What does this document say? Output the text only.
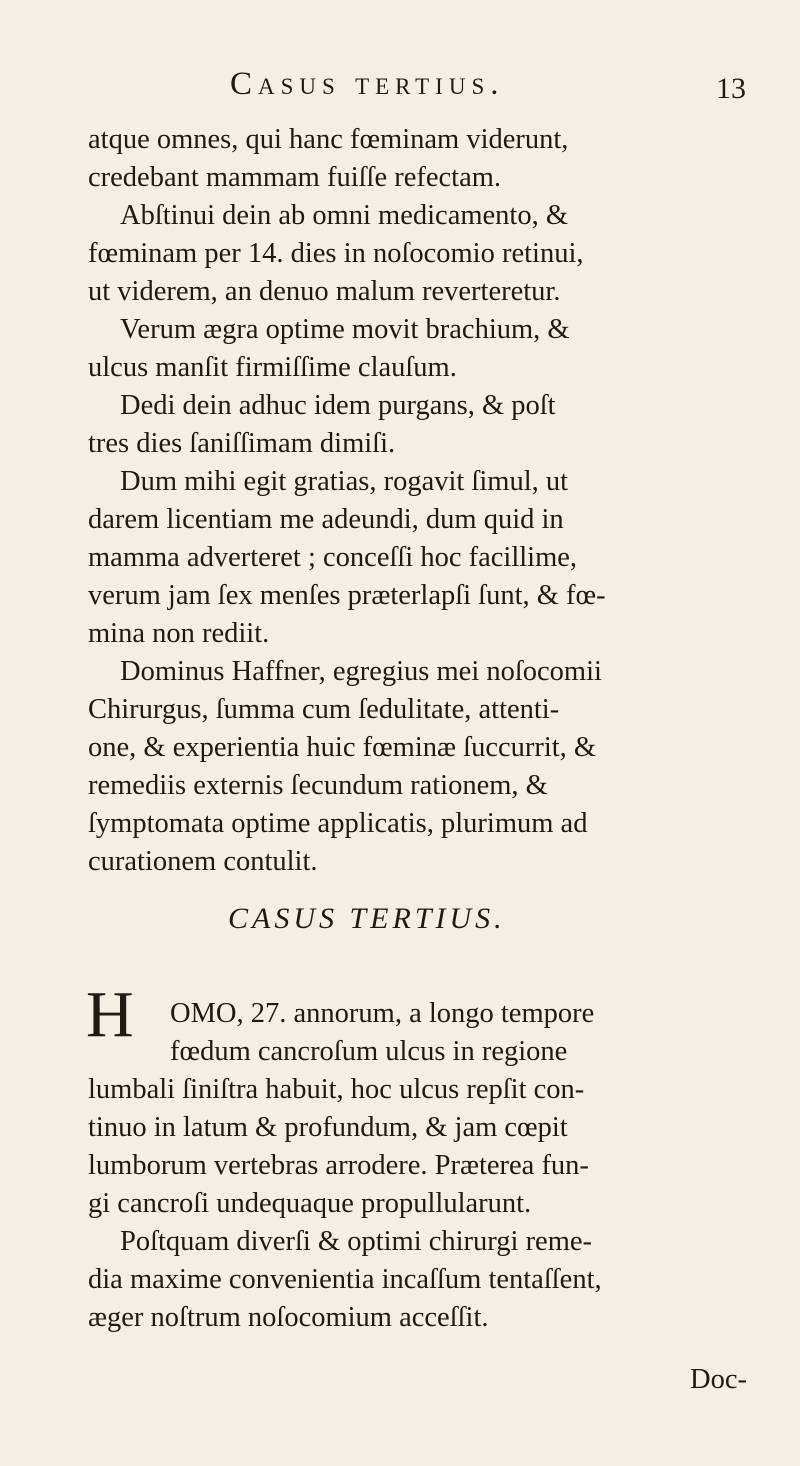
Casus tertius.	13
atque omnes, qui hanc fœminam viderunt,
credebant mammam fuiſſe refectam.
Abſtinui dein ab omni medicamento, &
fœminam per 14. dies in noſocomio retinui,
ut viderem, an denuo malum reverteretur.
Verum ægra optime movit brachium, &
ulcus manſit firmiſſime clauſum.
Dedi dein adhuc idem purgans, & poſt
tres dies ſaniſſimam dimiſi.
Dum mihi egit gratias, rogavit ſimul, ut
darem licentiam me adeundi, dum quid in
mamma adverteret ; conceſſi hoc facillime,
verum jam ſex menſes præterlapſi ſunt, & fœ-
mina non rediit.
Dominus Haffner, egregius mei noſocomii
Chirurgus, ſumma cum ſedulitate, attenti-
one, & experientia huic fœminæ ſuccurrit, &
remediis externis ſecundum rationem, &
ſymptomata optime applicatis, plurimum ad
curationem contulit.
CASUS TERTIUS.
H OMO, 27. annorum, a longo tempore
fœdum cancroſum ulcus in regione
lumbali ſiniſtra habuit, hoc ulcus repſit con-
tinuo in latum & profundum, & jam cœpit
lumborum vertebras arrodere. Præterea fun-
gi cancroſi undequaque propullularunt.
Poſtquam diverſi & optimi chirurgi reme-
dia maxime convenientia incaſſum tentaſſent,
æger noſtrum noſocomium acceſſit.
Doc-
